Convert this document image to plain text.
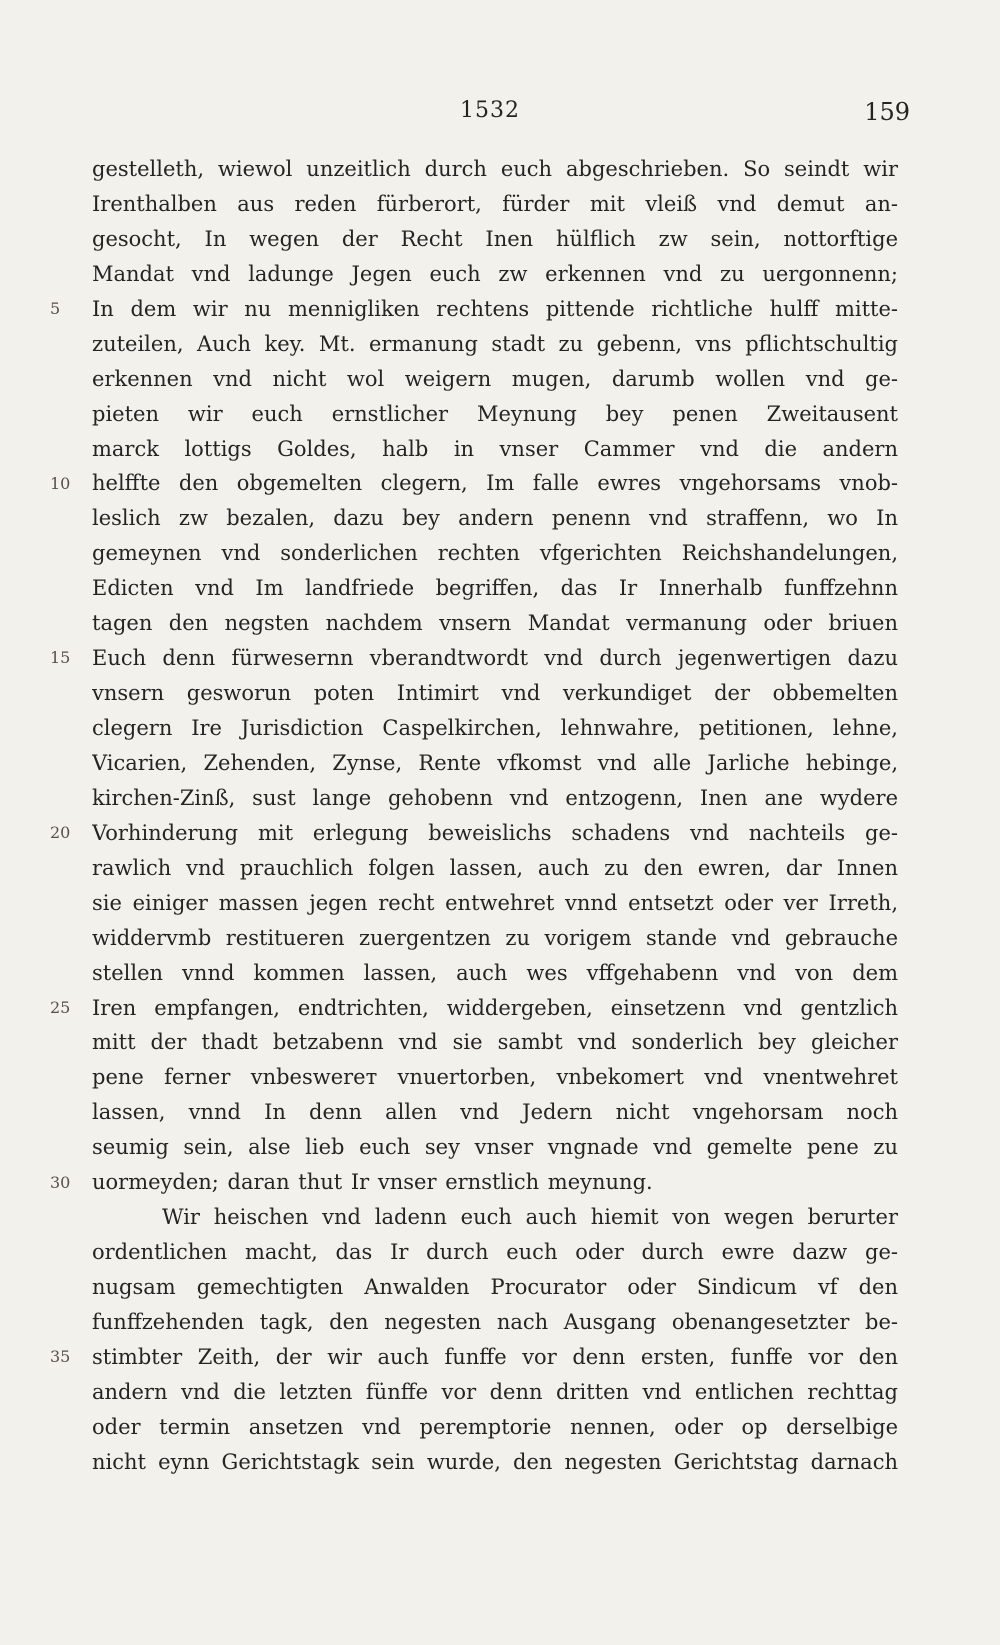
1532	159
gestelleth, wiewol unzeitlich durch euch abgeschrieben. So seindt wir
Irenthalben aus reden fürberort, fürder mit vleiß vnd demut an-
gesocht, In wegen der Recht Inen hülflich zw sein, nottorftige
Mandat vnd ladunge Jegen euch zw erkennen vnd zu uergonnenn;
In dem wir nu mennigliken rechtens pittende richtliche hulff mitte-
zuteilen, Auch key. Mt. ermanung stadt zu gebenn, vns pflichtschultig
erkennen vnd nicht wol weigern mugen, darumb wollen vnd ge-
pieten wir euch ernstlicher Meynung bey penen Zweitausent
marck lottigs Goldes, halb in vnser Cammer vnd die andern
helffte den obgemelten clegern, Im falle ewres vngehorsams vnob-
leslich zw bezalen, dazu bey andern penenn vnd straffenn, wo In
gemeynen vnd sonderlichen rechten vfgerichten Reichshandelungen,
Edicten vnd Im landfriede begriffen, das Ir Innerhalb funffzehnn
tagen den negsten nachdem vnsern Mandat vermanung oder briuen
Euch denn fürwesernn vberandtwordt vnd durch jegenwertigen dazu
vnsern gesworun poten Intimirt vnd verkundiget der obbemelten
clegern Ire Jurisdiction Caspelkirchen, lehnwahre, petitionen, lehne,
Vicarien, Zehenden, Zynse, Rente vfkomst vnd alle Jarliche hebinge,
kirchen-Zinß, sust lange gehobenn vnd entzogenn, Inen ane wydere
Vorhinderung mit erlegung beweislichs schadens vnd nachteils ge-
rawlich vnd prauchlich folgen lassen, auch zu den ewren, dar Innen
sie einiger massen jegen recht entwehret vnnd entsetzt oder ver Irreth,
widdervmb restitueren zuergentzen zu vorigem stande vnd gebrauche
stellen vnnd kommen lassen, auch wes vffgehabenn vnd von dem
Iren empfangen, endtrichten, widdergeben, einsetzenn vnd gentzlich
mitt der thadt betzabenn vnd sie sambt vnd sonderlich bey gleicher
pene ferner vnbeswerет vnuertorben, vnbekomert vnd vnentwehret
lassen, vnnd In denn allen vnd Jedern nicht vngehorsam noch
seumig sein, alse lieb euch sey vnser vngnade vnd gemelte pene zu
uormeyden; daran thut Ir vnser ernstlich meynung.
Wir heischen vnd ladenn euch auch hiemit von wegen berurter
ordentlichen macht, das Ir durch euch oder durch ewre dazw ge-
nugsam gemechtigten Anwalden Procurator oder Sindicum vf den
funffzehenden tagk, den negesten nach Ausgang obenangesetzter be-
stimbter Zeith, der wir auch funffe vor denn ersten, funffe vor den
andern vnd die letzten fünffe vor denn dritten vnd entlichen rechttag
oder termin ansetzen vnd peremptorie nennen, oder op derselbige
nicht eynn Gerichtstagk sein wurde, den negesten Gerichtstag darnach
5
10
15
20
25
30
35
